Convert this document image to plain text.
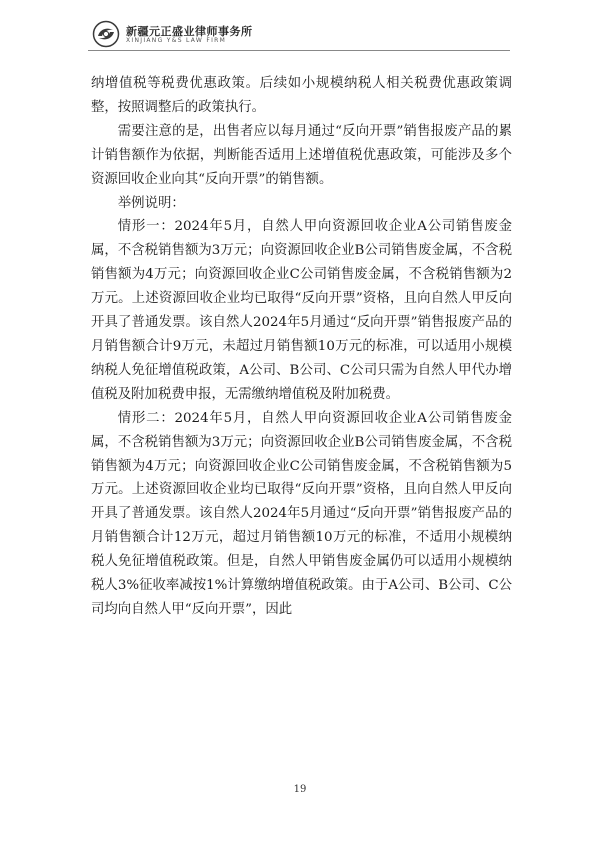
新疆元正盛业律师事务所
XINJIANG Y&S LAW FIRM

纳增值税等税费优惠政策。后续如小规模纳税人相关税费优惠政策调整，按照调整后的政策执行。

需要注意的是，出售者应以每月通过“反向开票”销售报废产品的累计销售额作为依据，判断能否适用上述增值税优惠政策，可能涉及多个资源回收企业向其“反向开票”的销售额。

举例说明：

情形一：2024年5月，自然人甲向资源回收企业A公司销售废金属，不含税销售额为3万元；向资源回收企业B公司销售废金属，不含税销售额为4万元；向资源回收企业C公司销售废金属，不含税销售额为2万元。上述资源回收企业均已取得“反向开票”资格，且向自然人甲反向开具了普通发票。该自然人2024年5月通过“反向开票”销售报废产品的月销售额合计9万元，未超过月销售额10万元的标准，可以适用小规模纳税人免征增值税政策，A公司、B公司、C公司只需为自然人甲代办增值税及附加税费申报，无需缴纳增值税及附加税费。

情形二：2024年5月，自然人甲向资源回收企业A公司销售废金属，不含税销售额为3万元；向资源回收企业B公司销售废金属，不含税销售额为4万元；向资源回收企业C公司销售废金属，不含税销售额为5万元。上述资源回收企业均已取得“反向开票”资格，且向自然人甲反向开具了普通发票。该自然人2024年5月通过“反向开票”销售报废产品的月销售额合计12万元，超过月销售额10万元的标准，不适用小规模纳税人免征增值税政策。但是，自然人甲销售废金属仍可以适用小规模纳税人3%征收率减按1%计算缴纳增值税政策。由于A公司、B公司、C公司均向自然人甲“反向开票”，因此

19
